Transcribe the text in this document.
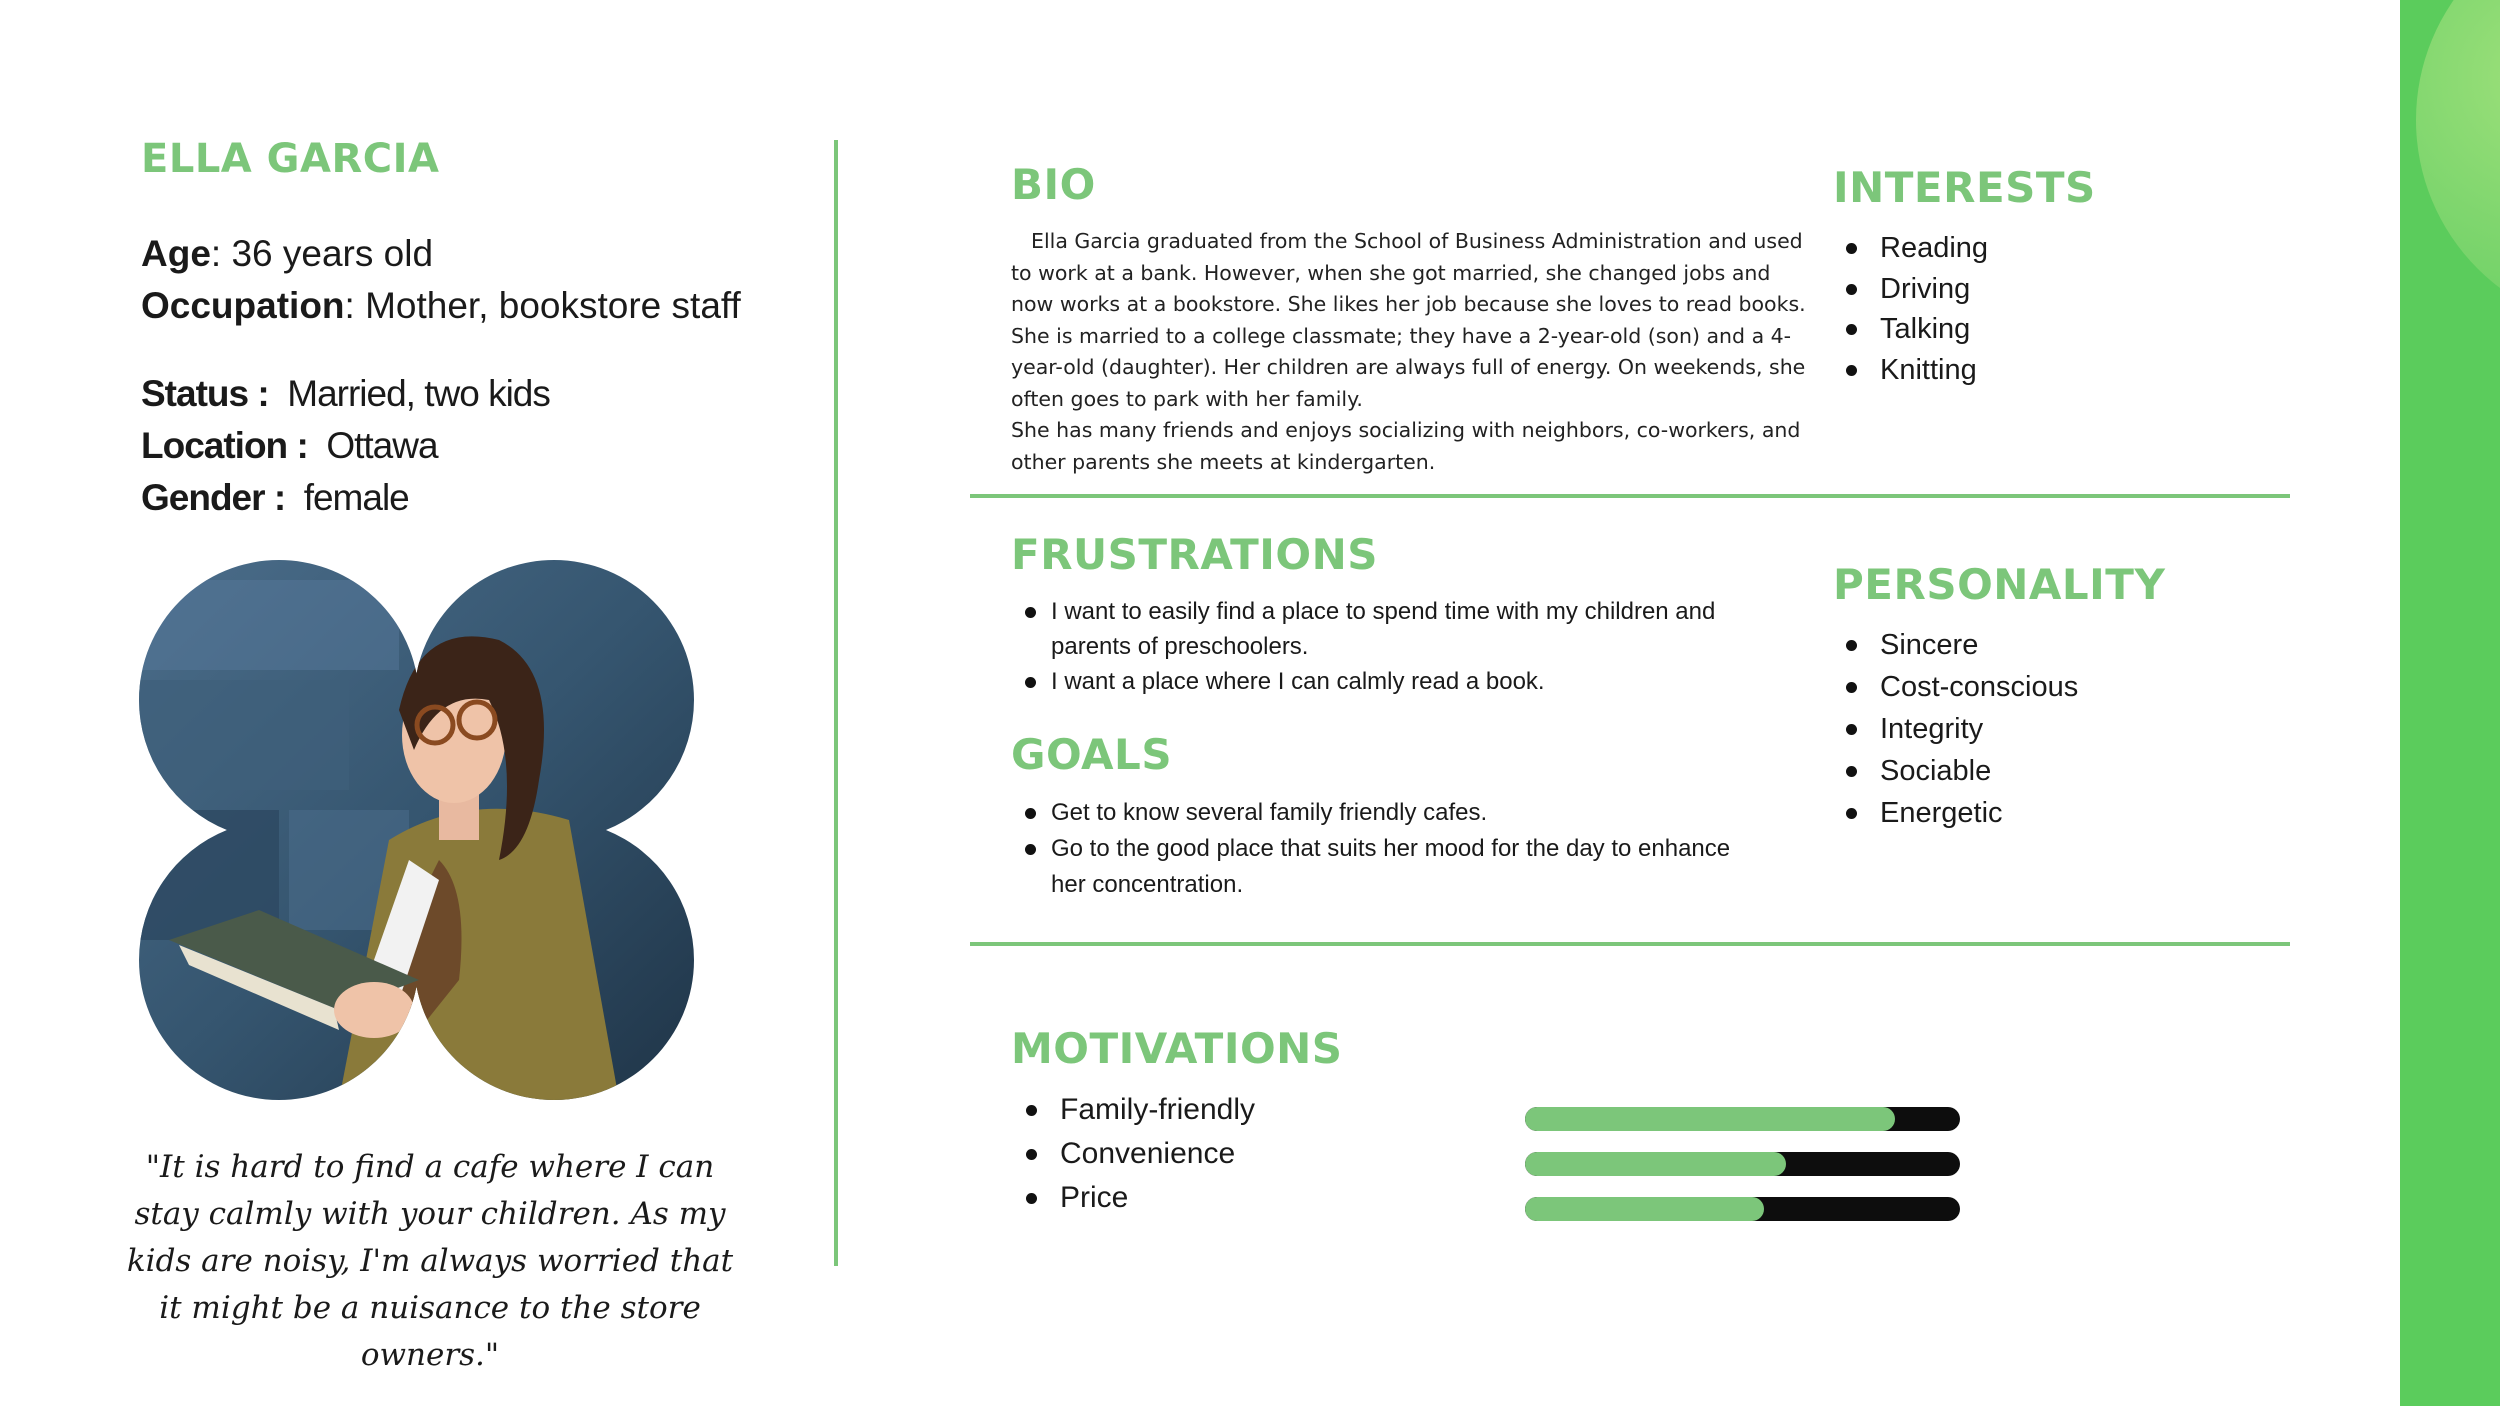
ELLA GARCIA
Age: 36 years old
Occupation: Mother, bookstore staff
Status : Married, two kids
Location : Ottawa
Gender : female
"It is hard to find a cafe where I can stay calmly with your children. As my kids are noisy, I'm always worried that it might be a nuisance to the store owners."
BIO

Ella Garcia graduated from the School of Business Administration and used to work at a bank. However, when she got married, she changed jobs and now works at a bookstore. She likes her job because she loves to read books.

She is married to a college classmate; they have a 2-year-old (son) and a 4-year-old (daughter). Her children are always full of energy. On weekends, she often goes to park with her family.

She has many friends and enjoys socializing with neighbors, co-workers, and other parents she meets at kindergarten.

INTERESTS
Reading
Driving
Talking
Knitting
FRUSTRATIONS
I want to easily find a place to spend time with my children and parents of preschoolers.
I want a place where I can calmly read a book.
GOALS
Get to know several family friendly cafes.
Go to the good place that suits her mood for the day to enhance her concentration.
PERSONALITY
Sincere
Cost-conscious
Integrity
Sociable
Energetic
MOTIVATIONS
Family-friendly
Convenience
Price
